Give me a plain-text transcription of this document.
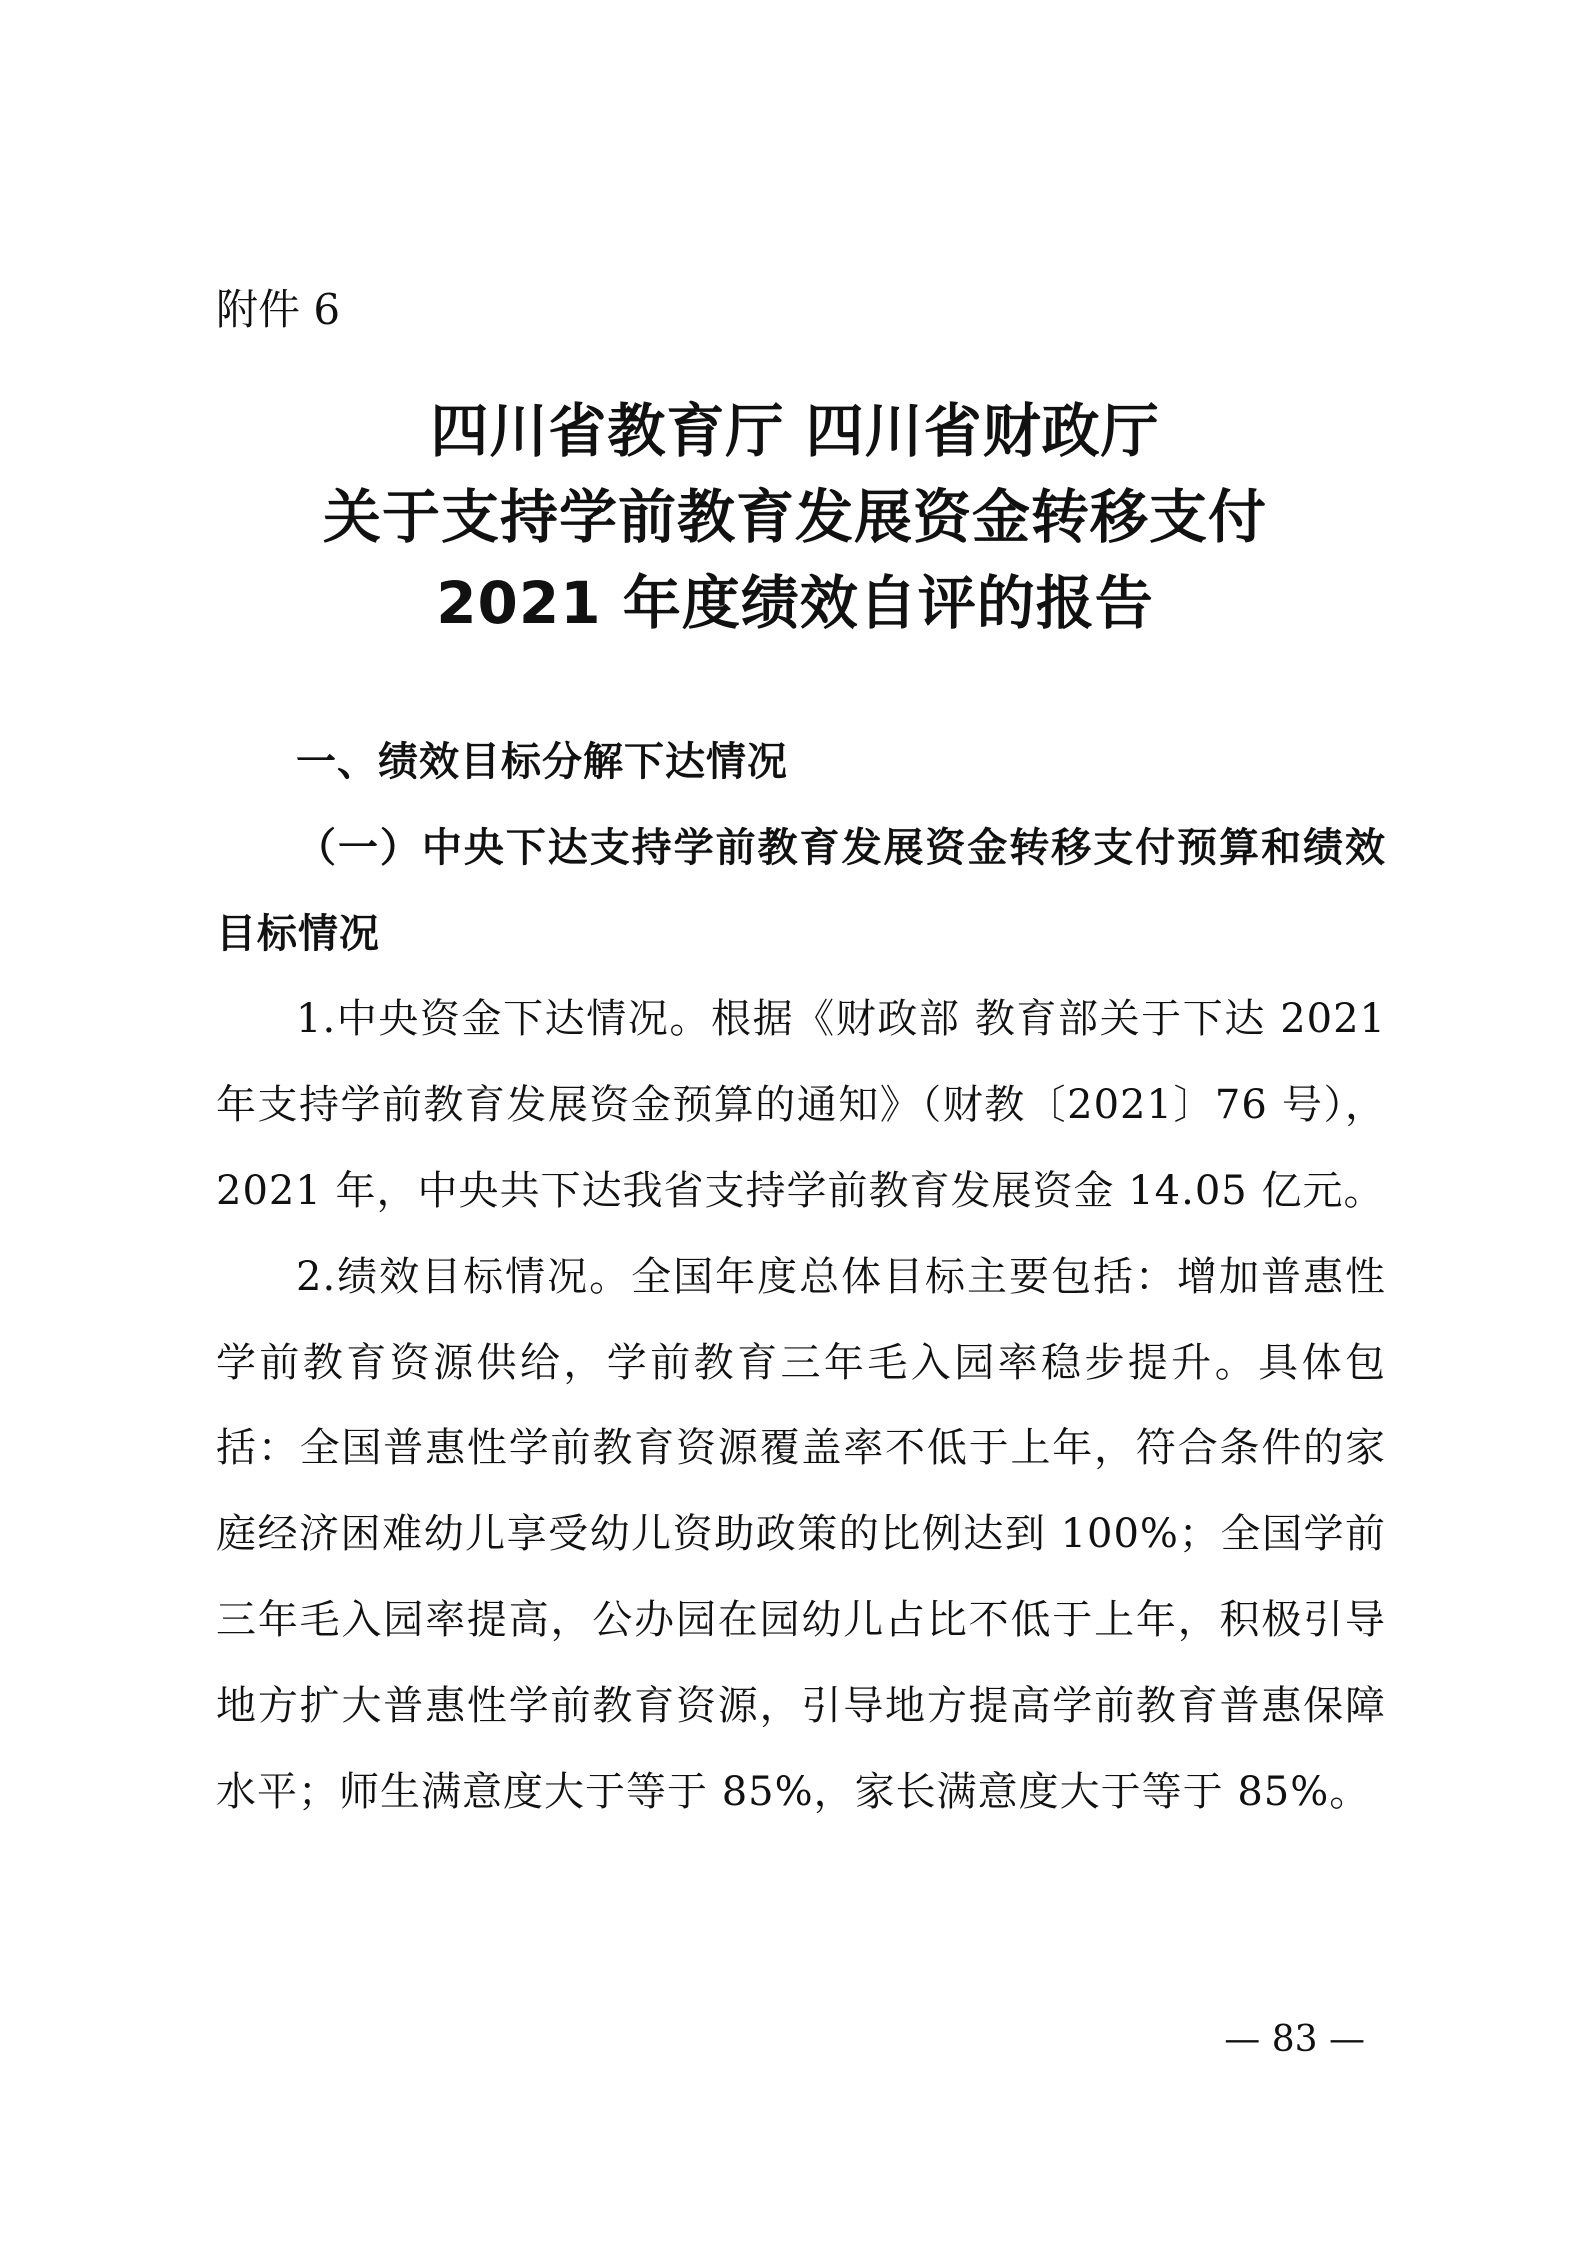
附件 6
四川省教育厅 四川省财政厅
关于支持学前教育发展资金转移支付
2021 年度绩效自评的报告

一、绩效目标分解下达情况

（一）中央下达支持学前教育发展资金转移支付预算和绩效目标情况

1.中央资金下达情况。根据《财政部 教育部关于下达 2021 年支持学前教育发展资金预算的通知》（财教〔2021〕76 号），2021 年，中央共下达我省支持学前教育发展资金 14.05 亿元。

2.绩效目标情况。全国年度总体目标主要包括：增加普惠性学前教育资源供给，学前教育三年毛入园率稳步提升。具体包括：全国普惠性学前教育资源覆盖率不低于上年，符合条件的家庭经济困难幼儿享受幼儿资助政策的比例达到 100%；全国学前三年毛入园率提高，公办园在园幼儿占比不低于上年，积极引导地方扩大普惠性学前教育资源，引导地方提高学前教育普惠保障水平；师生满意度大于等于 85%，家长满意度大于等于 85%。

— 83 —
